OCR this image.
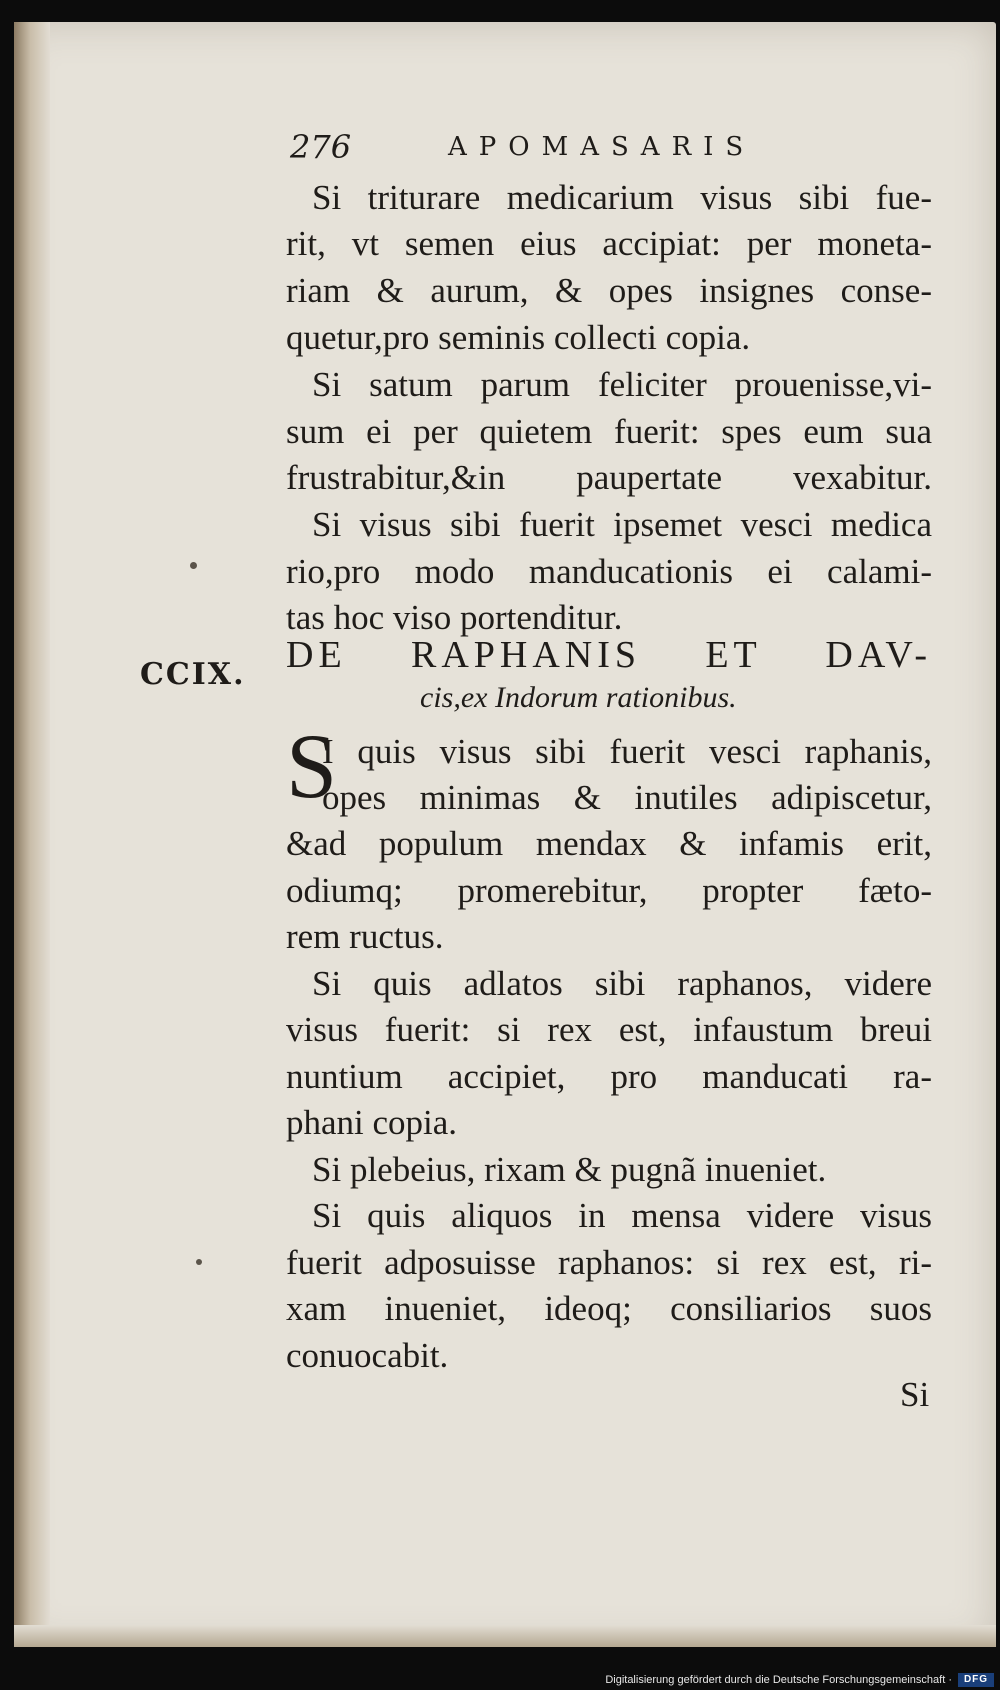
276	APOMASARIS
Si triturare medicarium visus sibi fue-
rit, vt semen eius accipiat: per moneta-
riam & aurum, & opes insignes conse-
quetur,pro seminis collecti copia.
Si satum parum feliciter prouenisse,vi-
sum ei per quietem fuerit: spes eum sua
frustrabitur,&in paupertate vexabitur.
Si visus sibi fuerit ipsemet vesci medica
rio,pro modo manducationis ei calami-
tas hoc viso portenditur.
CCIX. DE RAPHANIS ET DAV-
cis,ex Indorum rationibus.
S
I quis visus sibi fuerit vesci raphanis,
opes minimas & inutiles adipiscetur,
&ad populum mendax & infamis erit,
odiumq; promerebitur, propter fæto-
rem ructus.
Si quis adlatos sibi raphanos, videre
visus fuerit: si rex est, infaustum breui
nuntium accipiet, pro manducati ra-
phani copia.
Si plebeius, rixam & pugnã inueniet.
Si quis aliquos in mensa videre visus
fuerit adposuisse raphanos: si rex est, ri-
xam inueniet, ideoq; consiliarios suos
conuocabit.
Si
Digitalisierung gefördert durch die Deutsche Forschungsgemeinschaft ·	DFG
